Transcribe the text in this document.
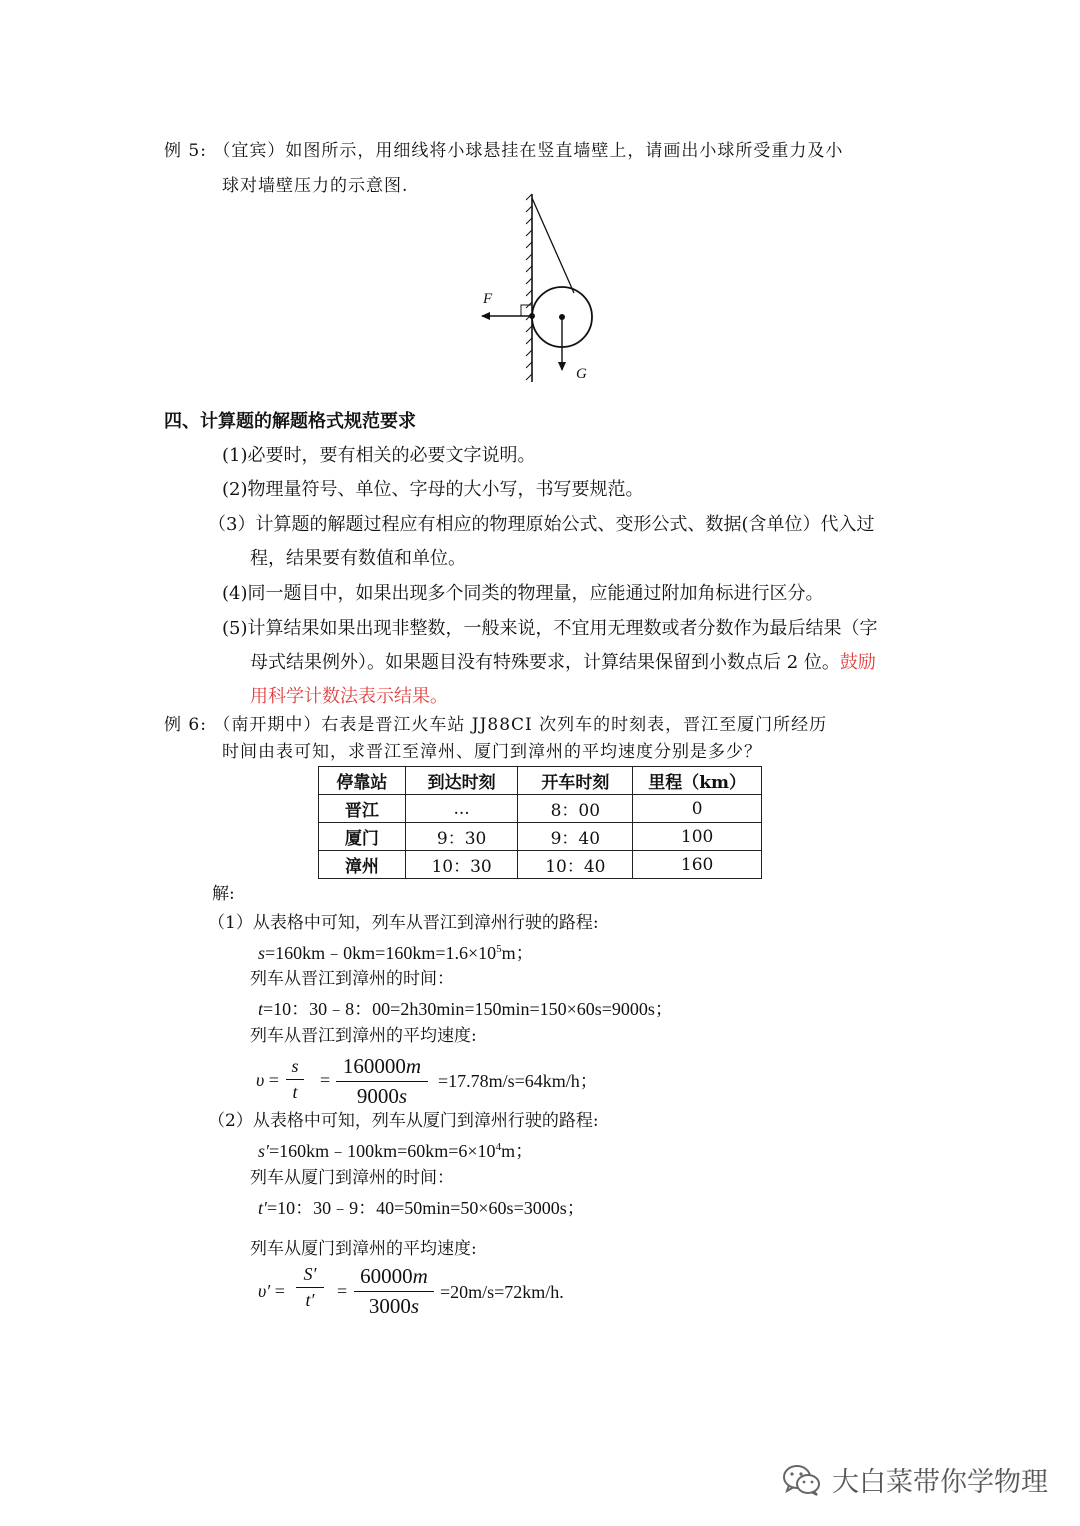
例 5: （宜宾）如图所示，用细线将小球悬挂在竖直墙壁上，请画出小球所受重力及小
球对墙壁压力的示意图.
F
G
四、计算题的解题格式规范要求
(1)必要时，要有相关的必要文字说明。
(2)物理量符号、单位、字母的大小写，书写要规范。
（3）计算题的解题过程应有相应的物理原始公式、变形公式、数据(含单位）代入过
程，结果要有数值和单位。
(4)同一题目中，如果出现多个同类的物理量，应能通过附加角标进行区分。
(5)计算结果如果出现非整数，一般来说，不宜用无理数或者分数作为最后结果（字
母式结果例外）。如果题目没有特殊要求，计算结果保留到小数点后 2 位。鼓励
用科学计数法表示结果。
例 6: （南开期中）右表是晋江火车站 JJ88CI 次列车的时刻表，晋江至厦门所经历
时间由表可知，求晋江至漳州、厦门到漳州的平均速度分别是多少？
停靠站	到达时刻	开车时刻	里程（km）
晋江	...	8：00	0
厦门	9：30	9：40	100
漳州	10：30	10：40	160
解:
（1）从表格中可知，列车从晋江到漳州行驶的路程:
$s=160km﹣0km=160km=1.6\times 10^5m$；
列车从晋江到漳州的时间：
t=10：30﹣8：00=2h30min=150min=150×60s=9000s；
列车从晋江到漳州的平均速度:
υ =
s
t
=
160000m
9000s
=17.78m/s=64km/h；
（2）从表格中可知，列车从厦门到漳州行驶的路程:
$s'=160km﹣100km=60km=6\times 10^4m$；
列车从厦门到漳州的时间：
t′=10：30﹣9：40=50min=50×60s=3000s；
列车从厦门到漳州的平均速度:
υ′ =
S′
t′	=
60000m
3000s
=20m/s=72km/h.
大白菜带你学物理
